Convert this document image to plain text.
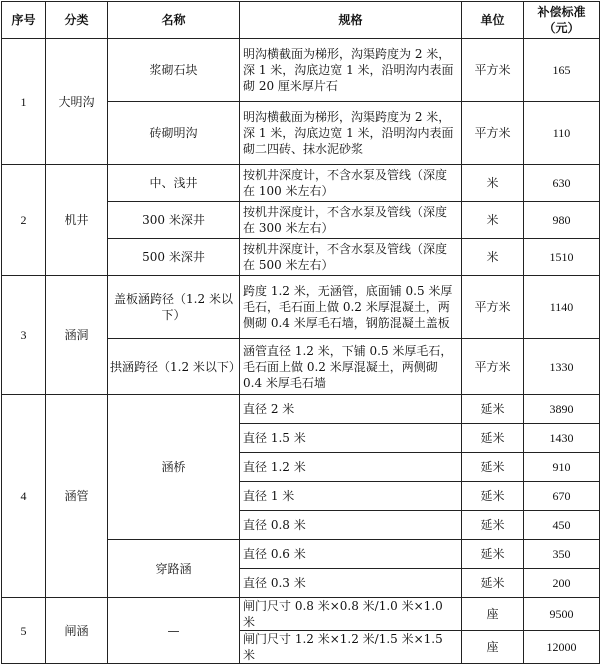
序号	分类	名称	规格	单位	补偿标准（元）
1	大明沟	浆砌石块	明沟横截面为梯形，沟渠跨度为 2 米，深 1 米，沟底边宽 1 米，沿明沟内表面砌 20 厘米厚片石	平方米	165
		砖砌明沟	明沟横截面为梯形，沟渠跨度为 2 米，深 1 米，沟底边宽 1 米，沿明沟内表面砌二四砖、抹水泥砂浆	平方米	110
2	机井	中、浅井	按机井深度计，不含水泵及管线（深度在 100 米左右）	米	630
		300 米深井	按机井深度计，不含水泵及管线（深度在 300 米左右）	米	980
		500 米深井	按机井深度计，不含水泵及管线（深度在 500 米左右）	米	1510
3	涵洞	盖板涵跨径（1.2 米以下）	跨度 1.2 米，无涵管，底面铺 0.5 米厚毛石，毛石面上做 0.2 米厚混凝土，两侧砌 0.4 米厚毛石墙，钢筋混凝土盖板	平方米	1140
		拱涵跨径（1.2 米以下）	涵管直径 1.2 米，下铺 0.5 米厚毛石，毛石面上做 0.2 米厚混凝土，两侧砌 0.4 米厚毛石墙	平方米	1330
4	涵管	涵桥	直径 2 米	延米	3890
			直径 1.5 米	延米	1430
			直径 1.2 米	延米	910
			直径 1 米	延米	670
			直径 0.8 米	延米	450
		穿路涵	直径 0.6 米	延米	350
			直径 0.3 米	延米	200
5	闸涵	—	闸门尺寸 0.8 米×0.8 米/1.0 米×1.0 米	座	9500
			闸门尺寸 1.2 米×1.2 米/1.5 米×1.5 米	座	12000
